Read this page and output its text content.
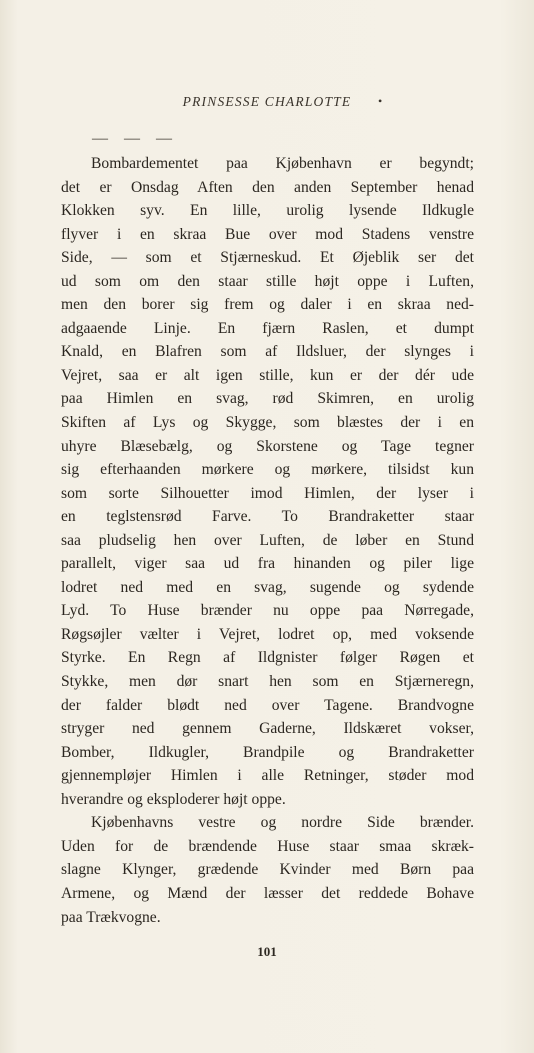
PRINSESSE CHARLOTTE •
— — —
Bombardementet paa Kjøbenhavn er begyndt;
det er Onsdag Aften den anden September henad
Klokken syv. En lille, urolig lysende Ildkugle
flyver i en skraa Bue over mod Stadens venstre
Side, — som et Stjærneskud. Et Øjeblik ser det
ud som om den staar stille højt oppe i Luften,
men den borer sig frem og daler i en skraa ned-
adgaaende Linje. En fjærn Raslen, et dumpt
Knald, en Blafren som af Ildsluer, der slynges i
Vejret, saa er alt igen stille, kun er der dér ude
paa Himlen en svag, rød Skimren, en urolig
Skiften af Lys og Skygge, som blæstes der i en
uhyre Blæsebælg, og Skorstene og Tage tegner
sig efterhaanden mørkere og mørkere, tilsidst kun
som sorte Silhouetter imod Himlen, der lyser i
en teglstensrød Farve. To Brandraketter staar
saa pludselig hen over Luften, de løber en Stund
parallelt, viger saa ud fra hinanden og piler lige
lodret ned med en svag, sugende og sydende
Lyd. To Huse brænder nu oppe paa Nørregade,
Røgsøjler vælter i Vejret, lodret op, med voksende
Styrke. En Regn af Ildgnister følger Røgen et
Stykke, men dør snart hen som en Stjærneregn,
der falder blødt ned over Tagene. Brandvogne
stryger ned gennem Gaderne, Ildskæret vokser,
Bomber, Ildkugler, Brandpile og Brandraketter
gjennempløjer Himlen i alle Retninger, støder mod
hverandre og eksploderer højt oppe.
Kjøbenhavns vestre og nordre Side brænder.
Uden for de brændende Huse staar smaa skræk-
slagne Klynger, grædende Kvinder med Børn paa
Armene, og Mænd der læsser det reddede Bohave
paa Trækvogne.
101
